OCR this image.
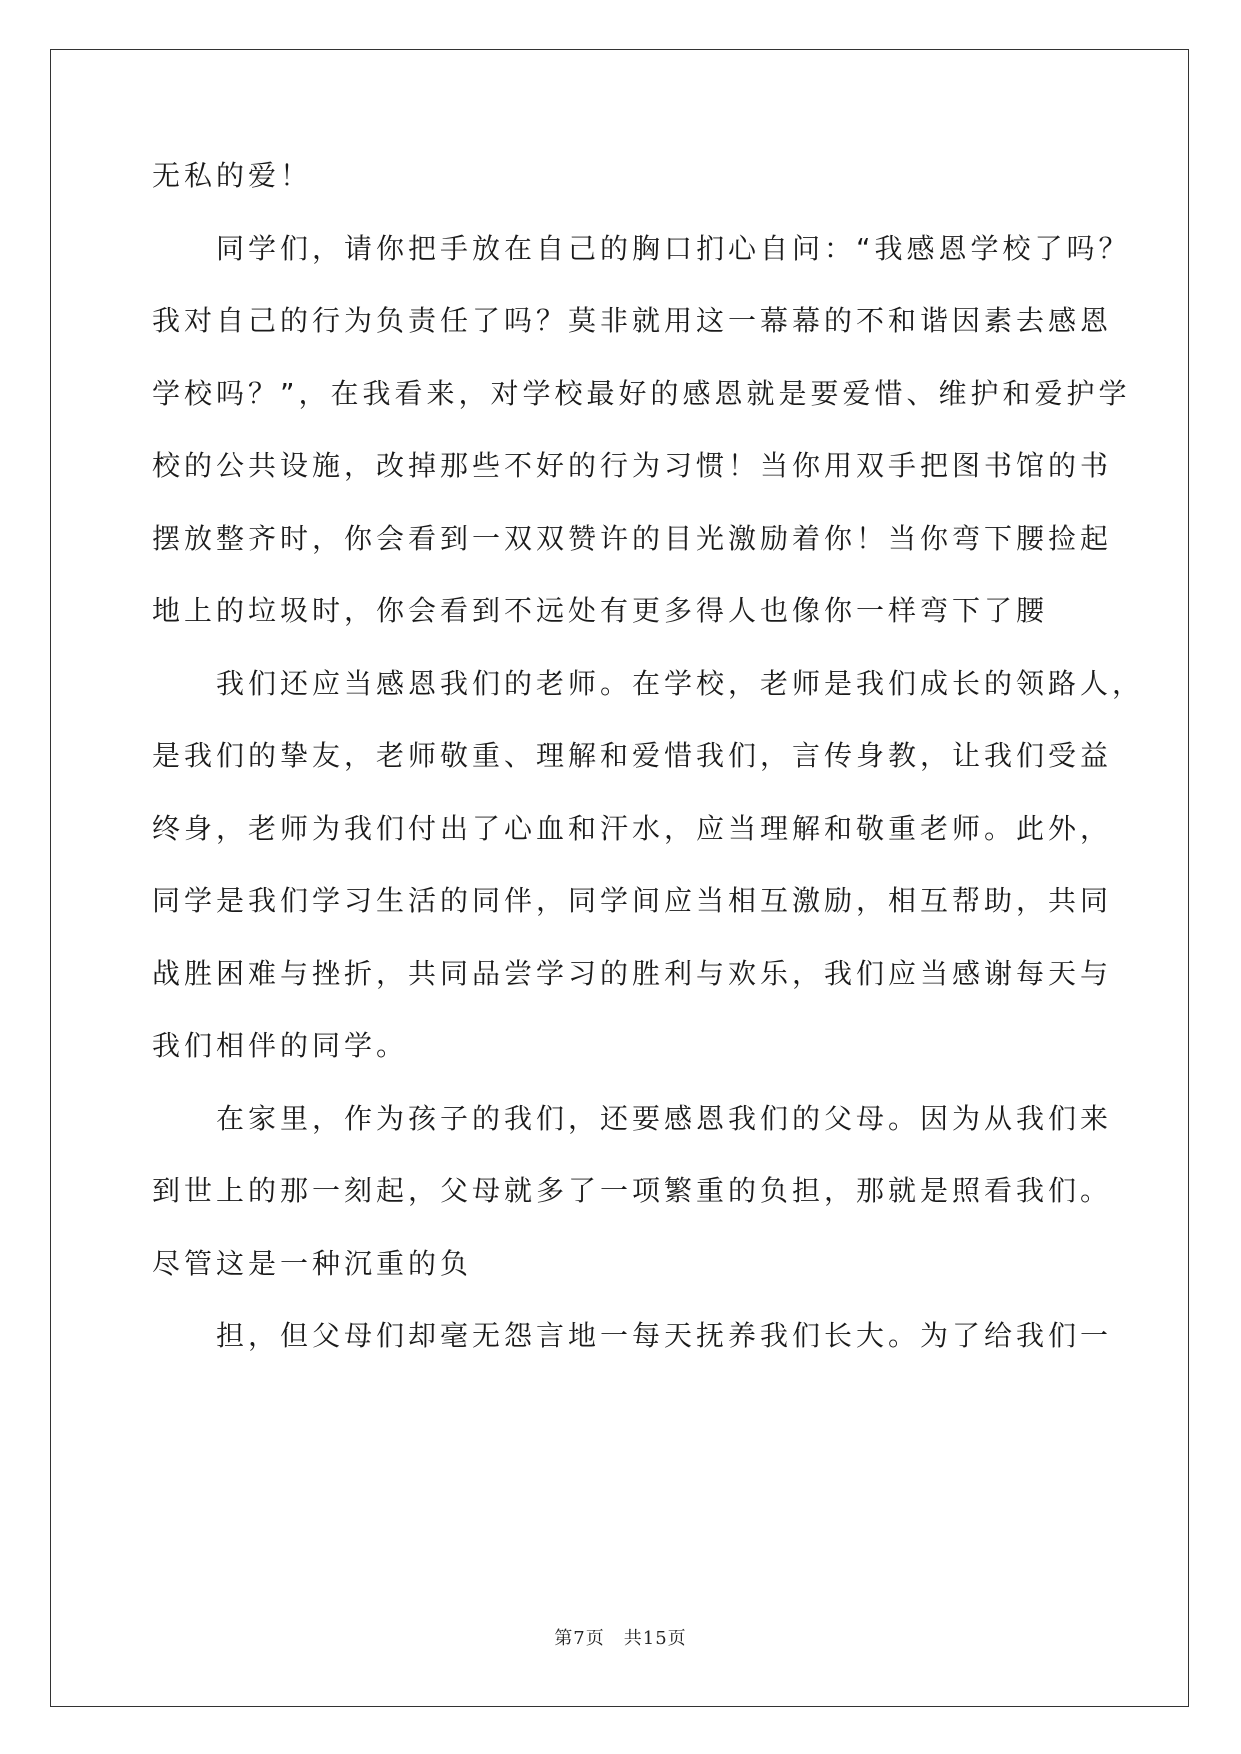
无私的爱！
　　同学们，请你把手放在自己的胸口扪心自问：“我感恩学校了吗？
我对自己的行为负责任了吗？莫非就用这一幕幕的不和谐因素去感恩
学校吗？”，在我看来，对学校最好的感恩就是要爱惜、维护和爱护学
校的公共设施，改掉那些不好的行为习惯！当你用双手把图书馆的书
摆放整齐时，你会看到一双双赞许的目光激励着你！当你弯下腰捡起
地上的垃圾时，你会看到不远处有更多得人也像你一样弯下了腰
　　我们还应当感恩我们的老师。在学校，老师是我们成长的领路人，
是我们的挚友，老师敬重、理解和爱惜我们，言传身教，让我们受益
终身，老师为我们付出了心血和汗水，应当理解和敬重老师。此外，
同学是我们学习生活的同伴，同学间应当相互激励，相互帮助，共同
战胜困难与挫折，共同品尝学习的胜利与欢乐，我们应当感谢每天与
我们相伴的同学。
　　在家里，作为孩子的我们，还要感恩我们的父母。因为从我们来
到世上的那一刻起，父母就多了一项繁重的负担，那就是照看我们。
尽管这是一种沉重的负
　　担，但父母们却毫无怨言地一每天抚养我们长大。为了给我们一
第7页　共15页
